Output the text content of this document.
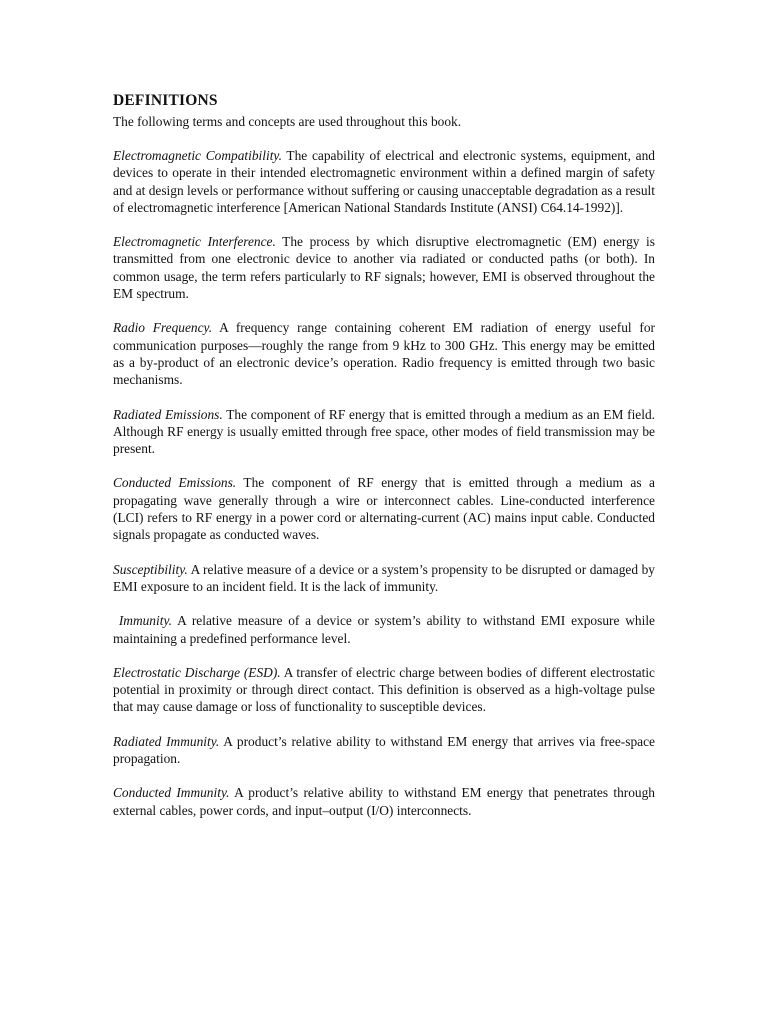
DEFINITIONS

The following terms and concepts are used throughout this book.

Electromagnetic Compatibility. The capability of electrical and electronic systems, equipment, and devices to operate in their intended electromagnetic environment within a defined margin of safety and at design levels or performance without suffering or causing unacceptable degradation as a result of electromagnetic interference [American National Standards Institute (ANSI) C64.14-1992)].

Electromagnetic Interference. The process by which disruptive electromagnetic (EM) energy is transmitted from one electronic device to another via radiated or conducted paths (or both). In common usage, the term refers particularly to RF signals; however, EMI is observed throughout the EM spectrum.

Radio Frequency. A frequency range containing coherent EM radiation of energy useful for communication purposes—roughly the range from 9 kHz to 300 GHz. This energy may be emitted as a by-product of an electronic device’s operation. Radio frequency is emitted through two basic mechanisms.

Radiated Emissions. The component of RF energy that is emitted through a medium as an EM field. Although RF energy is usually emitted through free space, other modes of field transmission may be present.

Conducted Emissions. The component of RF energy that is emitted through a medium as a propagating wave generally through a wire or interconnect cables. Line-conducted interference (LCI) refers to RF energy in a power cord or alternating-current (AC) mains input cable. Conducted signals propagate as conducted waves.

Susceptibility. A relative measure of a device or a system’s propensity to be disrupted or damaged by EMI exposure to an incident field. It is the lack of immunity.

Immunity. A relative measure of a device or system’s ability to withstand EMI exposure while maintaining a predefined performance level.

Electrostatic Discharge (ESD). A transfer of electric charge between bodies of different electrostatic potential in proximity or through direct contact. This definition is observed as a high-voltage pulse that may cause damage or loss of functionality to susceptible devices.

Radiated Immunity. A product’s relative ability to withstand EM energy that arrives via free-space propagation.

Conducted Immunity. A product’s relative ability to withstand EM energy that penetrates through external cables, power cords, and input–output (I/O) interconnects.
